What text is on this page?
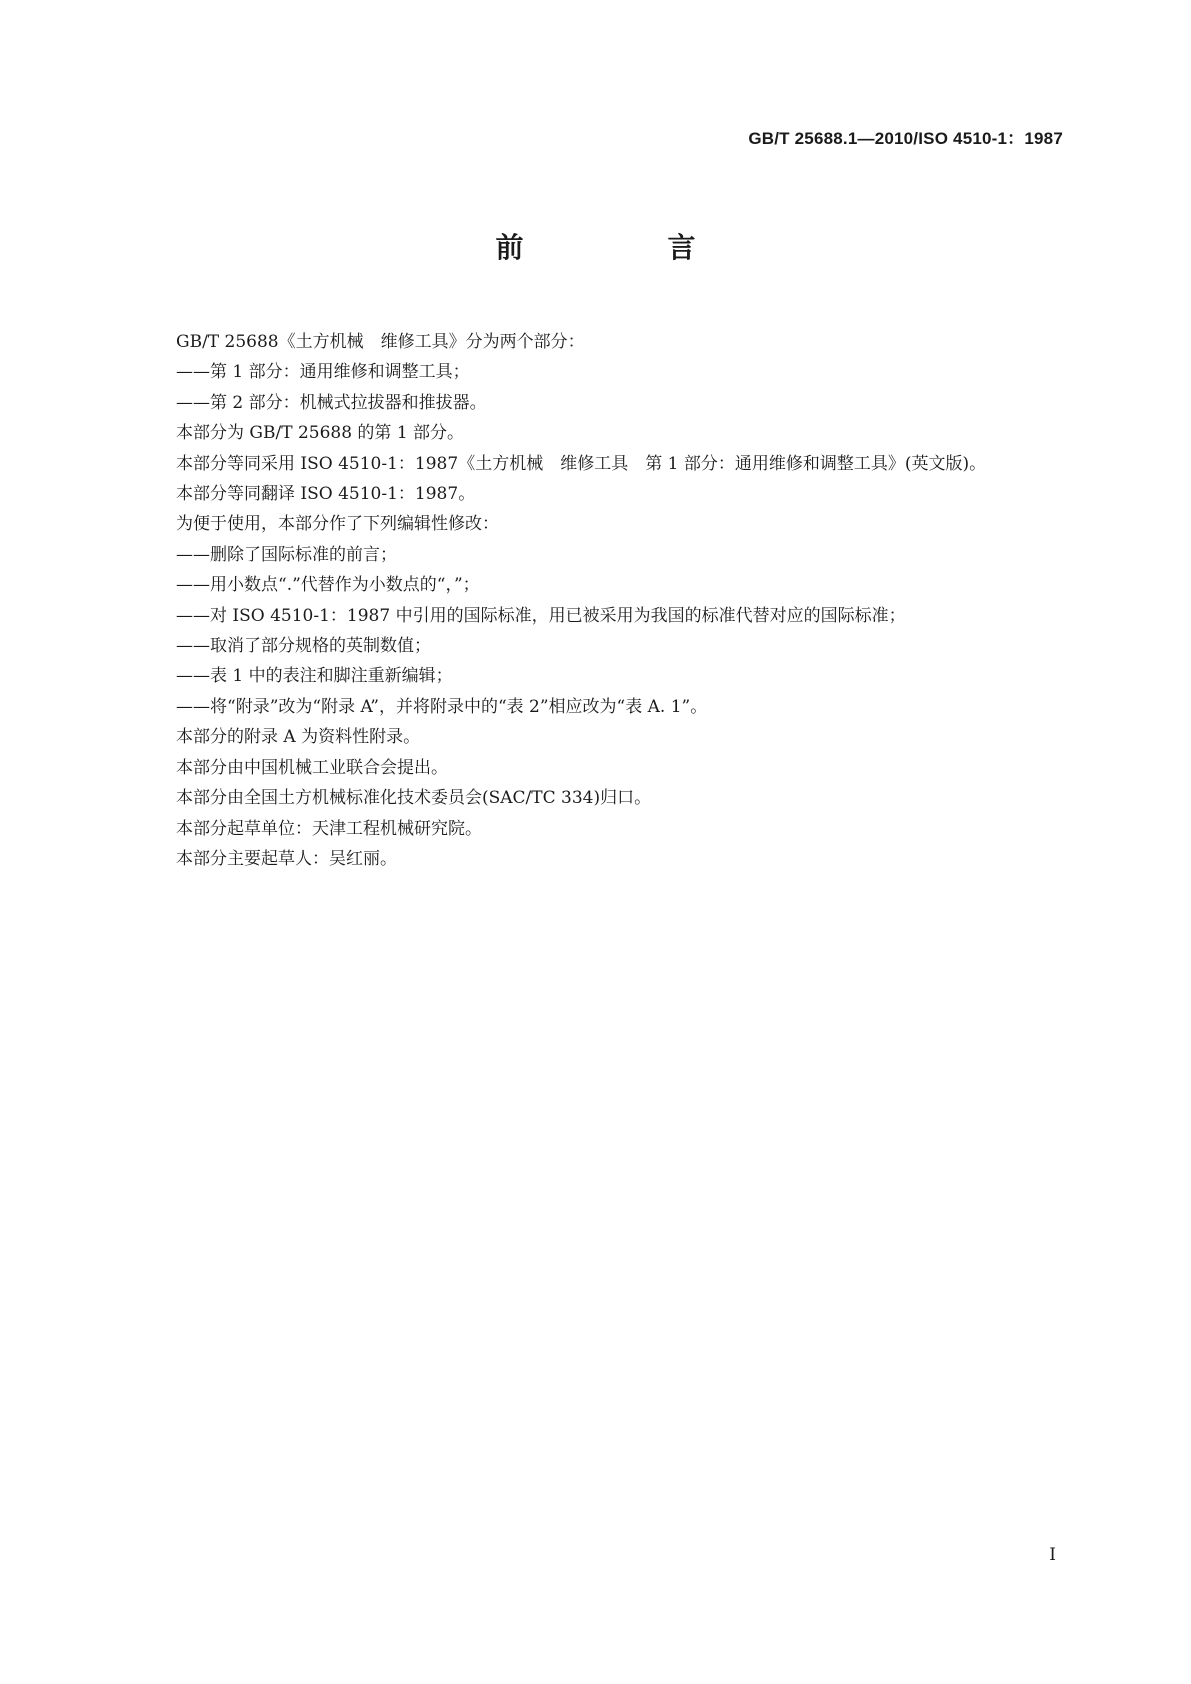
GB/T 25688.1—2010/ISO 4510-1：1987
前　言

GB/T 25688《土方机械　维修工具》分为两个部分：

——第 1 部分：通用维修和调整工具；

——第 2 部分：机械式拉拔器和推拔器。

本部分为 GB/T 25688 的第 1 部分。

本部分等同采用 ISO 4510-1：1987《土方机械　维修工具　第 1 部分：通用维修和调整工具》(英文版)。

本部分等同翻译 ISO 4510-1：1987。

为便于使用，本部分作了下列编辑性修改：

——删除了国际标准的前言；

——用小数点“.”代替作为小数点的“，”；

——对 ISO 4510-1：1987 中引用的国际标准，用已被采用为我国的标准代替对应的国际标准；

——取消了部分规格的英制数值；

——表 1 中的表注和脚注重新编辑；

——将“附录”改为“附录 A”，并将附录中的“表 2”相应改为“表 A. 1”。

本部分的附录 A 为资料性附录。

本部分由中国机械工业联合会提出。

本部分由全国土方机械标准化技术委员会(SAC/TC 334)归口。

本部分起草单位：天津工程机械研究院。

本部分主要起草人：吴红丽。

I
